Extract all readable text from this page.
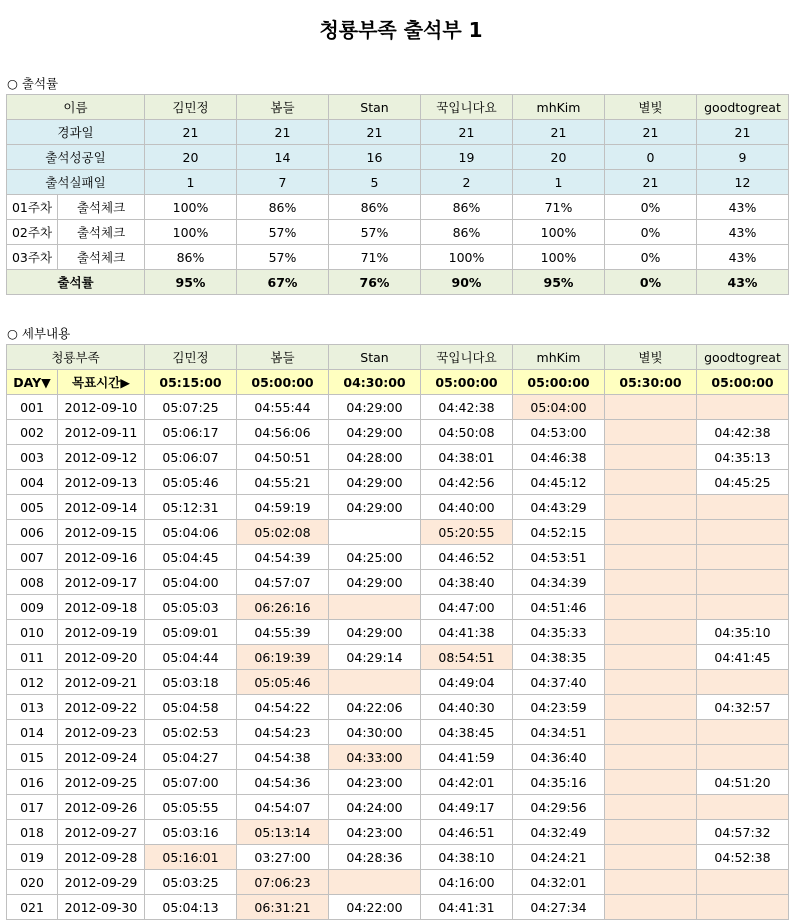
청룡부족 출석부 1
○ 출석률
이름		김민정	봄들	Stan	꾹입니다요	mhKim	별빛	goodtogreat
경과일		21	21	21	21	21	21	21
출석성공일		20	14	16	19	20	0	9
출석실패일		1	7	5	2	1	21	12
01주차	출석체크	100%	86%	86%	86%	71%	0%	43%
02주차	출석체크	100%	57%	57%	86%	100%	0%	43%
03주차	출석체크	86%	57%	71%	100%	100%	0%	43%
출석률		95%	67%	76%	90%	95%	0%	43%
○ 세부내용
청룡부족		김민정	봄들	Stan	꾹입니다요	mhKim	별빛	goodtogreat
DAY▼	목표시간▶	05:15:00	05:00:00	04:30:00	05:00:00	05:00:00	05:30:00	05:00:00
001	2012-09-10	05:07:25	04:55:44	04:29:00	04:42:38	05:04:00		
002	2012-09-11	05:06:17	04:56:06	04:29:00	04:50:08	04:53:00		04:42:38
003	2012-09-12	05:06:07	04:50:51	04:28:00	04:38:01	04:46:38		04:35:13
004	2012-09-13	05:05:46	04:55:21	04:29:00	04:42:56	04:45:12		04:45:25
005	2012-09-14	05:12:31	04:59:19	04:29:00	04:40:00	04:43:29		
006	2012-09-15	05:04:06	05:02:08		05:20:55	04:52:15		
007	2012-09-16	05:04:45	04:54:39	04:25:00	04:46:52	04:53:51		
008	2012-09-17	05:04:00	04:57:07	04:29:00	04:38:40	04:34:39		
009	2012-09-18	05:05:03	06:26:16		04:47:00	04:51:46		
010	2012-09-19	05:09:01	04:55:39	04:29:00	04:41:38	04:35:33		04:35:10
011	2012-09-20	05:04:44	06:19:39	04:29:14	08:54:51	04:38:35		04:41:45
012	2012-09-21	05:03:18	05:05:46		04:49:04	04:37:40		
013	2012-09-22	05:04:58	04:54:22	04:22:06	04:40:30	04:23:59		04:32:57
014	2012-09-23	05:02:53	04:54:23	04:30:00	04:38:45	04:34:51		
015	2012-09-24	05:04:27	04:54:38	04:33:00	04:41:59	04:36:40		
016	2012-09-25	05:07:00	04:54:36	04:23:00	04:42:01	04:35:16		04:51:20
017	2012-09-26	05:05:55	04:54:07	04:24:00	04:49:17	04:29:56		
018	2012-09-27	05:03:16	05:13:14	04:23:00	04:46:51	04:32:49		04:57:32
019	2012-09-28	05:16:01	03:27:00	04:28:36	04:38:10	04:24:21		04:52:38
020	2012-09-29	05:03:25	07:06:23		04:16:00	04:32:01		
021	2012-09-30	05:04:13	06:31:21	04:22:00	04:41:31	04:27:34		
